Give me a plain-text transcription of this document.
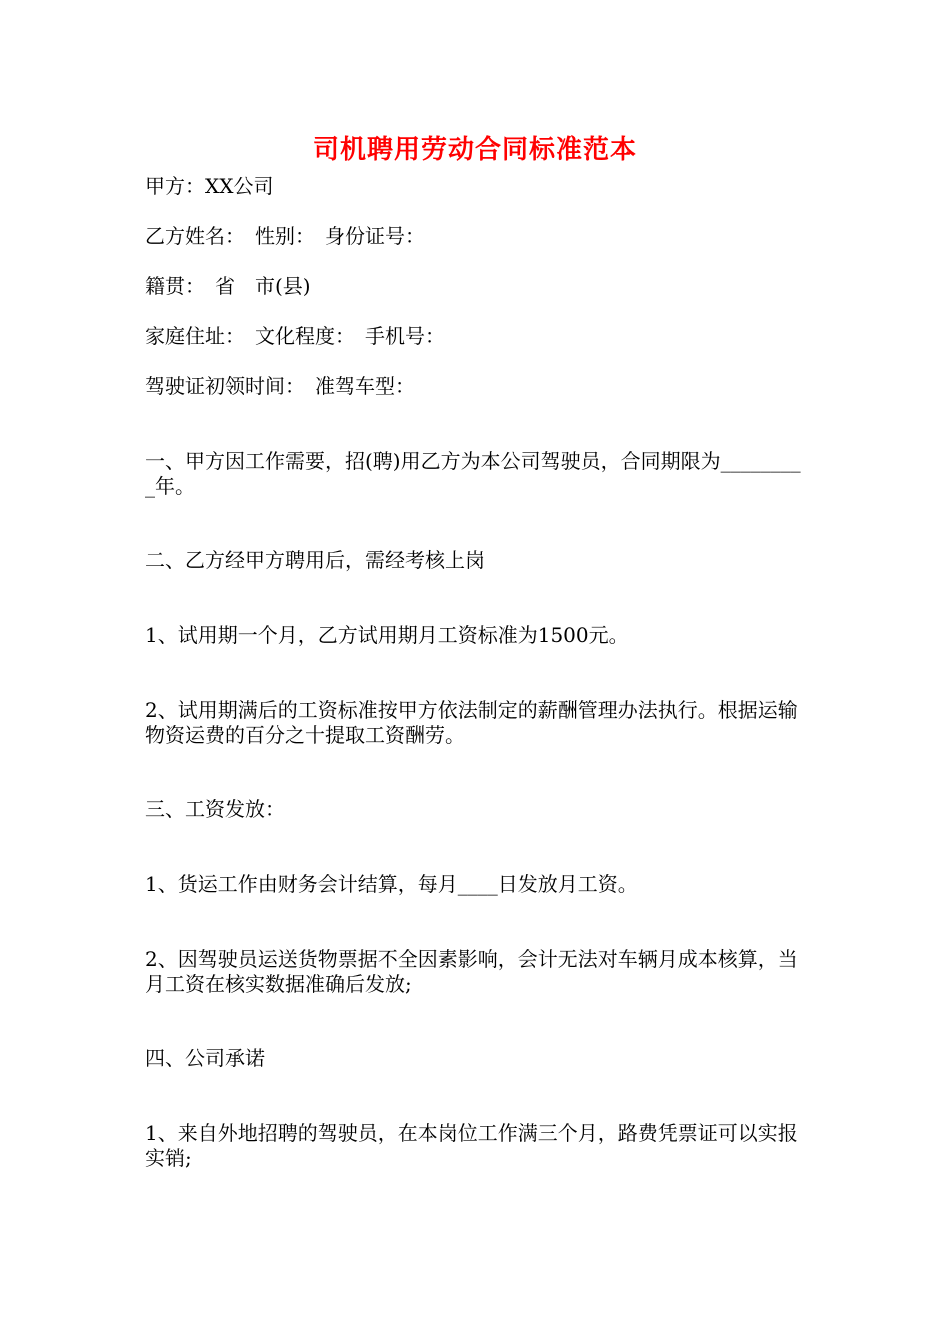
司机聘用劳动合同标准范本

甲方：XX公司

乙方姓名：　性别：　身份证号：

籍贯：　省　市(县)

家庭住址：　文化程度：　手机号：

驾驶证初领时间：　准驾车型：

一、甲方因工作需要，招(聘)用乙方为本公司驾驶员，合同期限为_________年。

二、乙方经甲方聘用后，需经考核上岗

1、试用期一个月，乙方试用期月工资标准为1500元。

2、试用期满后的工资标准按甲方依法制定的薪酬管理办法执行。根据运输物资运费的百分之十提取工资酬劳。

三、工资发放：

1、货运工作由财务会计结算，每月____日发放月工资。

2、因驾驶员运送货物票据不全因素影响，会计无法对车辆月成本核算，当月工资在核实数据准确后发放;

四、公司承诺

1、来自外地招聘的驾驶员，在本岗位工作满三个月，路费凭票证可以实报实销;
